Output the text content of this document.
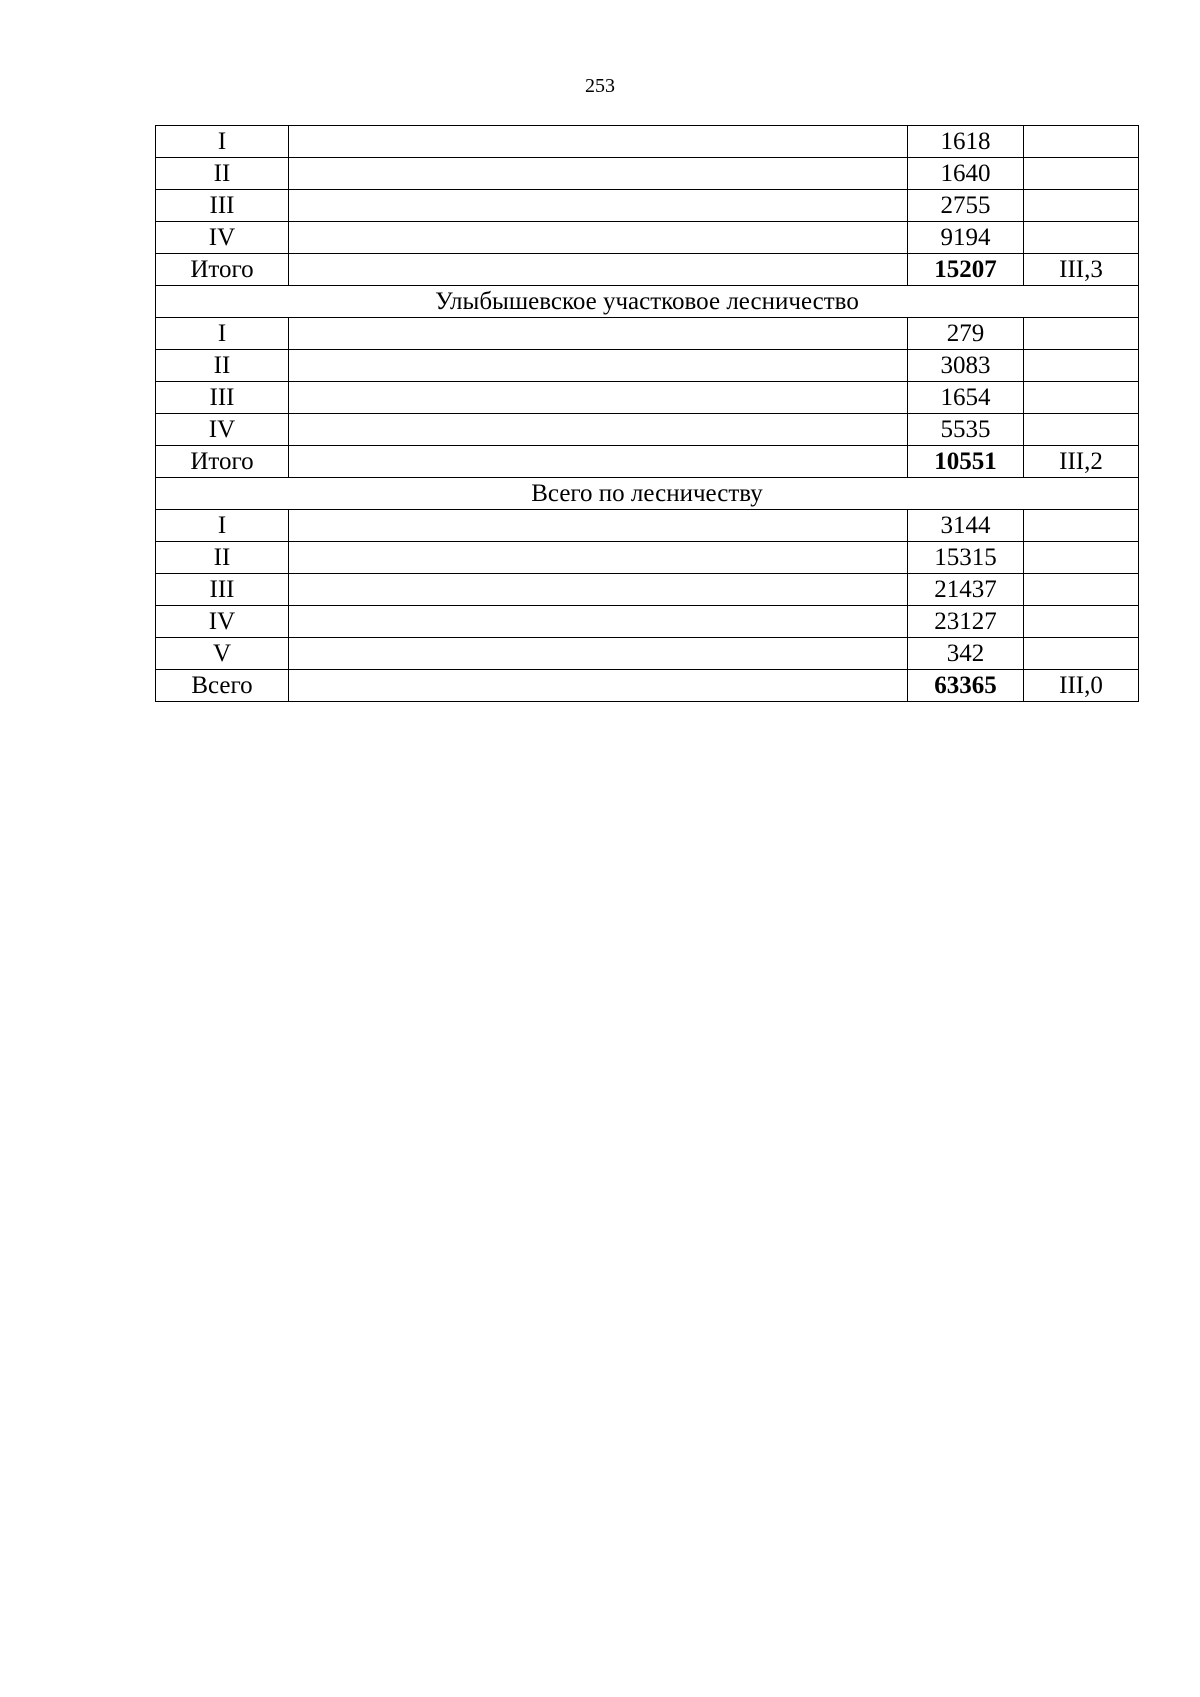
253
I		1618	
II		1640	
III		2755	
IV		9194	
Итого		15207	III,3
Улыбышевское участковое лесничество			
I		279	
II		3083	
III		1654	
IV		5535	
Итого		10551	III,2
Всего по лесничеству			
I		3144	
II		15315	
III		21437	
IV		23127	
V		342	
Всего		63365	III,0
